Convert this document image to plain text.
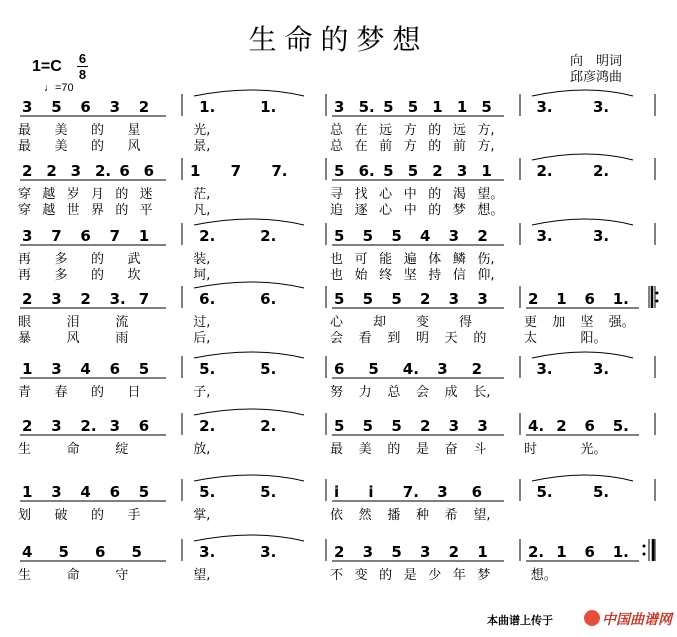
生命的梦想
1=C 6
8
♩=70
向　明词
邱彦鸿曲
3 5 6 3 2
最 美 的 星
最 美 的 风
1.	1.
光,
景,
3 5. 5 5 1 1 5
总 在 远 方 的 远 方,
总 在 前 方 的 前 方,
3.	3.
2 2 3 2. 6 6
穿 越 岁 月 的 迷
穿 越 世 界 的 平
1 7 7.
茫,
凡,
5 6. 5 5 2 3 1
寻 找 心 中 的 渴 望。
追 逐 心 中 的 梦 想。
2.	2.
3 7 6 7 1
再 多 的 武
再 多 的 坎
2.	2.
装,
坷,
5 5 5 4 3 2
也 可 能 遍 体 鳞 伤,
也 始 终 坚 持 信 仰,
3.	3.
2 3 2 3. 7
眼	泪	流
暴	风	雨
6.	6.
过,
后,
5 5 5 2 3 3
心 却 变 得
会 看 到 明 天 的
2 1 6 1.
更 加 坚 强。
太	阳。
1 3 4 6 5
青 春 的 日
5.	5.
子,
6 5 4. 3 2
努 力 总 会 成 长,
3.	3.
2 3 2. 3 6
生	命	绽
2.	2.
放,
5 5 5 2 3 3
最 美 的 是 奋 斗
4. 2 6 5.
时	光。
1 3 4 6 5
划 破 的 手
5.	5.
掌,
i i 7. 3 6
依 然 播 种 希 望,
5.	5.
4 5 6 5
生	命	守
3.	3.
望,
2 3 5 3 2 1
不 变 的 是 少 年 梦
2. 1 6 1.
想。
本曲谱上传于	中国曲谱网
